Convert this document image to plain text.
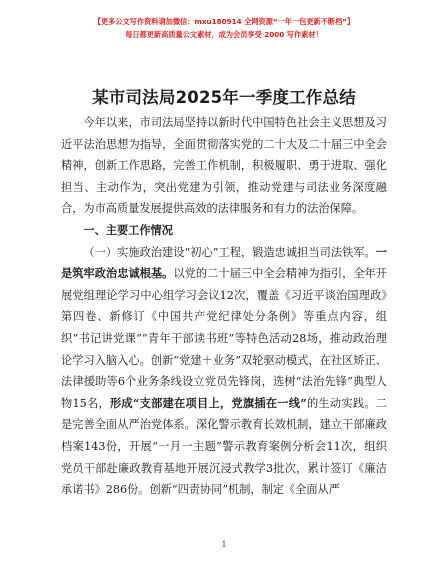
【更多公文写作资料请加微信：mxu180914 全网资源“一年一包更新不断档”】
每日都更新高质量公文素材，成为会员享受 2000 写作素材！
某市司法局2025年一季度工作总结

今年以来，市司法局坚持以新时代中国特色社会主义思想及习近平法治思想为指导，全面贯彻落实党的二十大及二十届三中全会精神，创新工作思路，完善工作机制，积极履职、勇于进取、强化担当、主动作为，突出党建为引领，推动党建与司法业务深度融合，为市高质量发展提供高效的法律服务和有力的法治保障。

一、主要工作情况

（一）实施政治建设“初心”工程，锻造忠诚担当司法铁军。一是筑牢政治忠诚根基。以党的二十届三中全会精神为指引，全年开展党组理论学习中心组学习会议12次，覆盖《习近平谈治国理政》第四卷、新修订《中国共产党纪律处分条例》等重点内容，组织“书记讲党课”“青年干部读书班”等特色活动28场，推动政治理论学习入脑入心。创新“党建＋业务”双轮驱动模式，在社区矫正、法律援助等6个业务条线设立党员先锋岗，选树“法治先锋”典型人物15名，形成“支部建在项目上，党旗插在一线”的生动实践。二是完善全面从严治党体系。深化警示教育长效机制，建立干部廉政档案143份，开展“一月一主题”警示教育案例分析会11次，组织党员干部赴廉政教育基地开展沉浸式教学3批次，累计签订《廉洁承诺书》286份。创新“四责协同”机制，制定《全面从严

1
